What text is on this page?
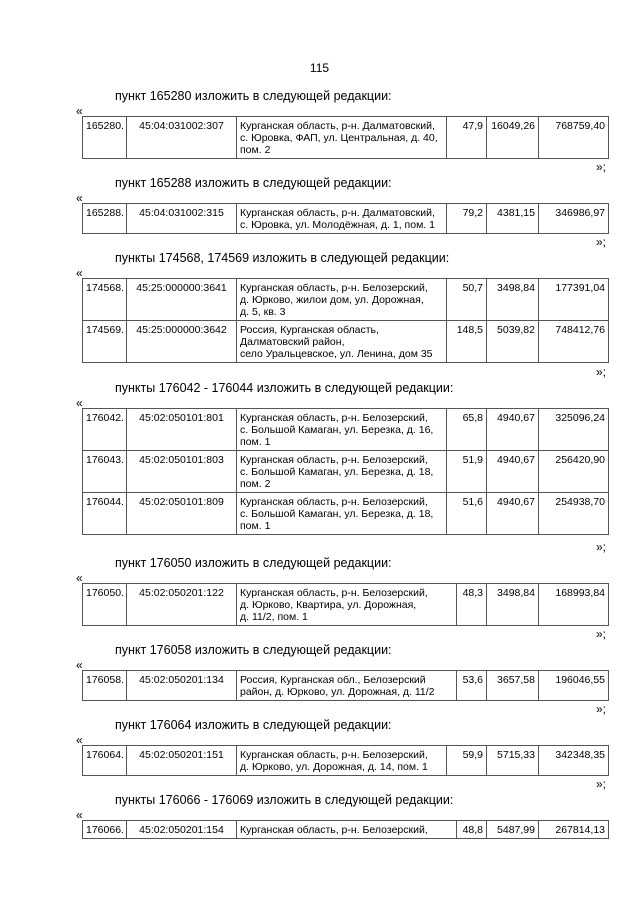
115
пункт 165280 изложить в следующей редакции:
«
165280.	45:04:031002:307	Курганская область, р-н. Далматовский,
с. Юровка, ФАП, ул. Центральная, д. 40,
пом. 2	47,9	16049,26	768759,40
»;
пункт 165288 изложить в следующей редакции:
«
165288.	45:04:031002:315	Курганская область, р-н. Далматовский,
с. Юровка, ул. Молодёжная, д. 1, пом. 1	79,2	4381,15	346986,97
»;
пункты 174568, 174569 изложить в следующей редакции:
«
174568.	45:25:000000:3641	Курганская область, р-н. Белозерский,
д. Юрково, жилои дом, ул. Дорожная,
д. 5, кв. 3	50,7	3498,84	177391,04
174569.	45:25:000000:3642	Россия, Курганская область,
Далматовский район,
село Уральцевское, ул. Ленина, дом 35	148,5	5039,82	748412,76
»;
пункты 176042 - 176044 изложить в следующей редакции:
«
176042.	45:02:050101:801	Курганская область, р-н. Белозерский,
с. Большой Камаган, ул. Березка, д. 16,
пом. 1	65,8	4940,67	325096,24
176043.	45:02:050101:803	Курганская область, р-н. Белозерский,
с. Большой Камаган, ул. Березка, д. 18,
пом. 2	51,9	4940,67	256420,90
176044.	45:02:050101:809	Курганская область, р-н. Белозерский,
с. Большой Камаган, ул. Березка, д. 18,
пом. 1	51,6	4940,67	254938,70
»;
пункт 176050 изложить в следующей редакции:
«
176050.	45:02:050201:122	Курганская область, р-н. Белозерский,
д. Юрково, Квартира, ул. Дорожная,
д. 11/2, пом. 1	48,3	3498,84	168993,84
»;
пункт 176058 изложить в следующей редакции:
«
176058.	45:02:050201:134	Россия, Курганская обл., Белозерский
район, д. Юрково, ул. Дорожная, д. 11/2	53,6	3657,58	196046,55
»;
пункт 176064 изложить в следующей редакции:
«
176064.	45:02:050201:151	Курганская область, р-н. Белозерский,
д. Юрково, ул. Дорожная, д. 14, пом. 1	59,9	5715,33	342348,35
»;
пункты 176066 - 176069 изложить в следующей редакции:
«
176066.	45:02:050201:154	Курганская область, р-н. Белозерский,	48,8	5487,99	267814,13
